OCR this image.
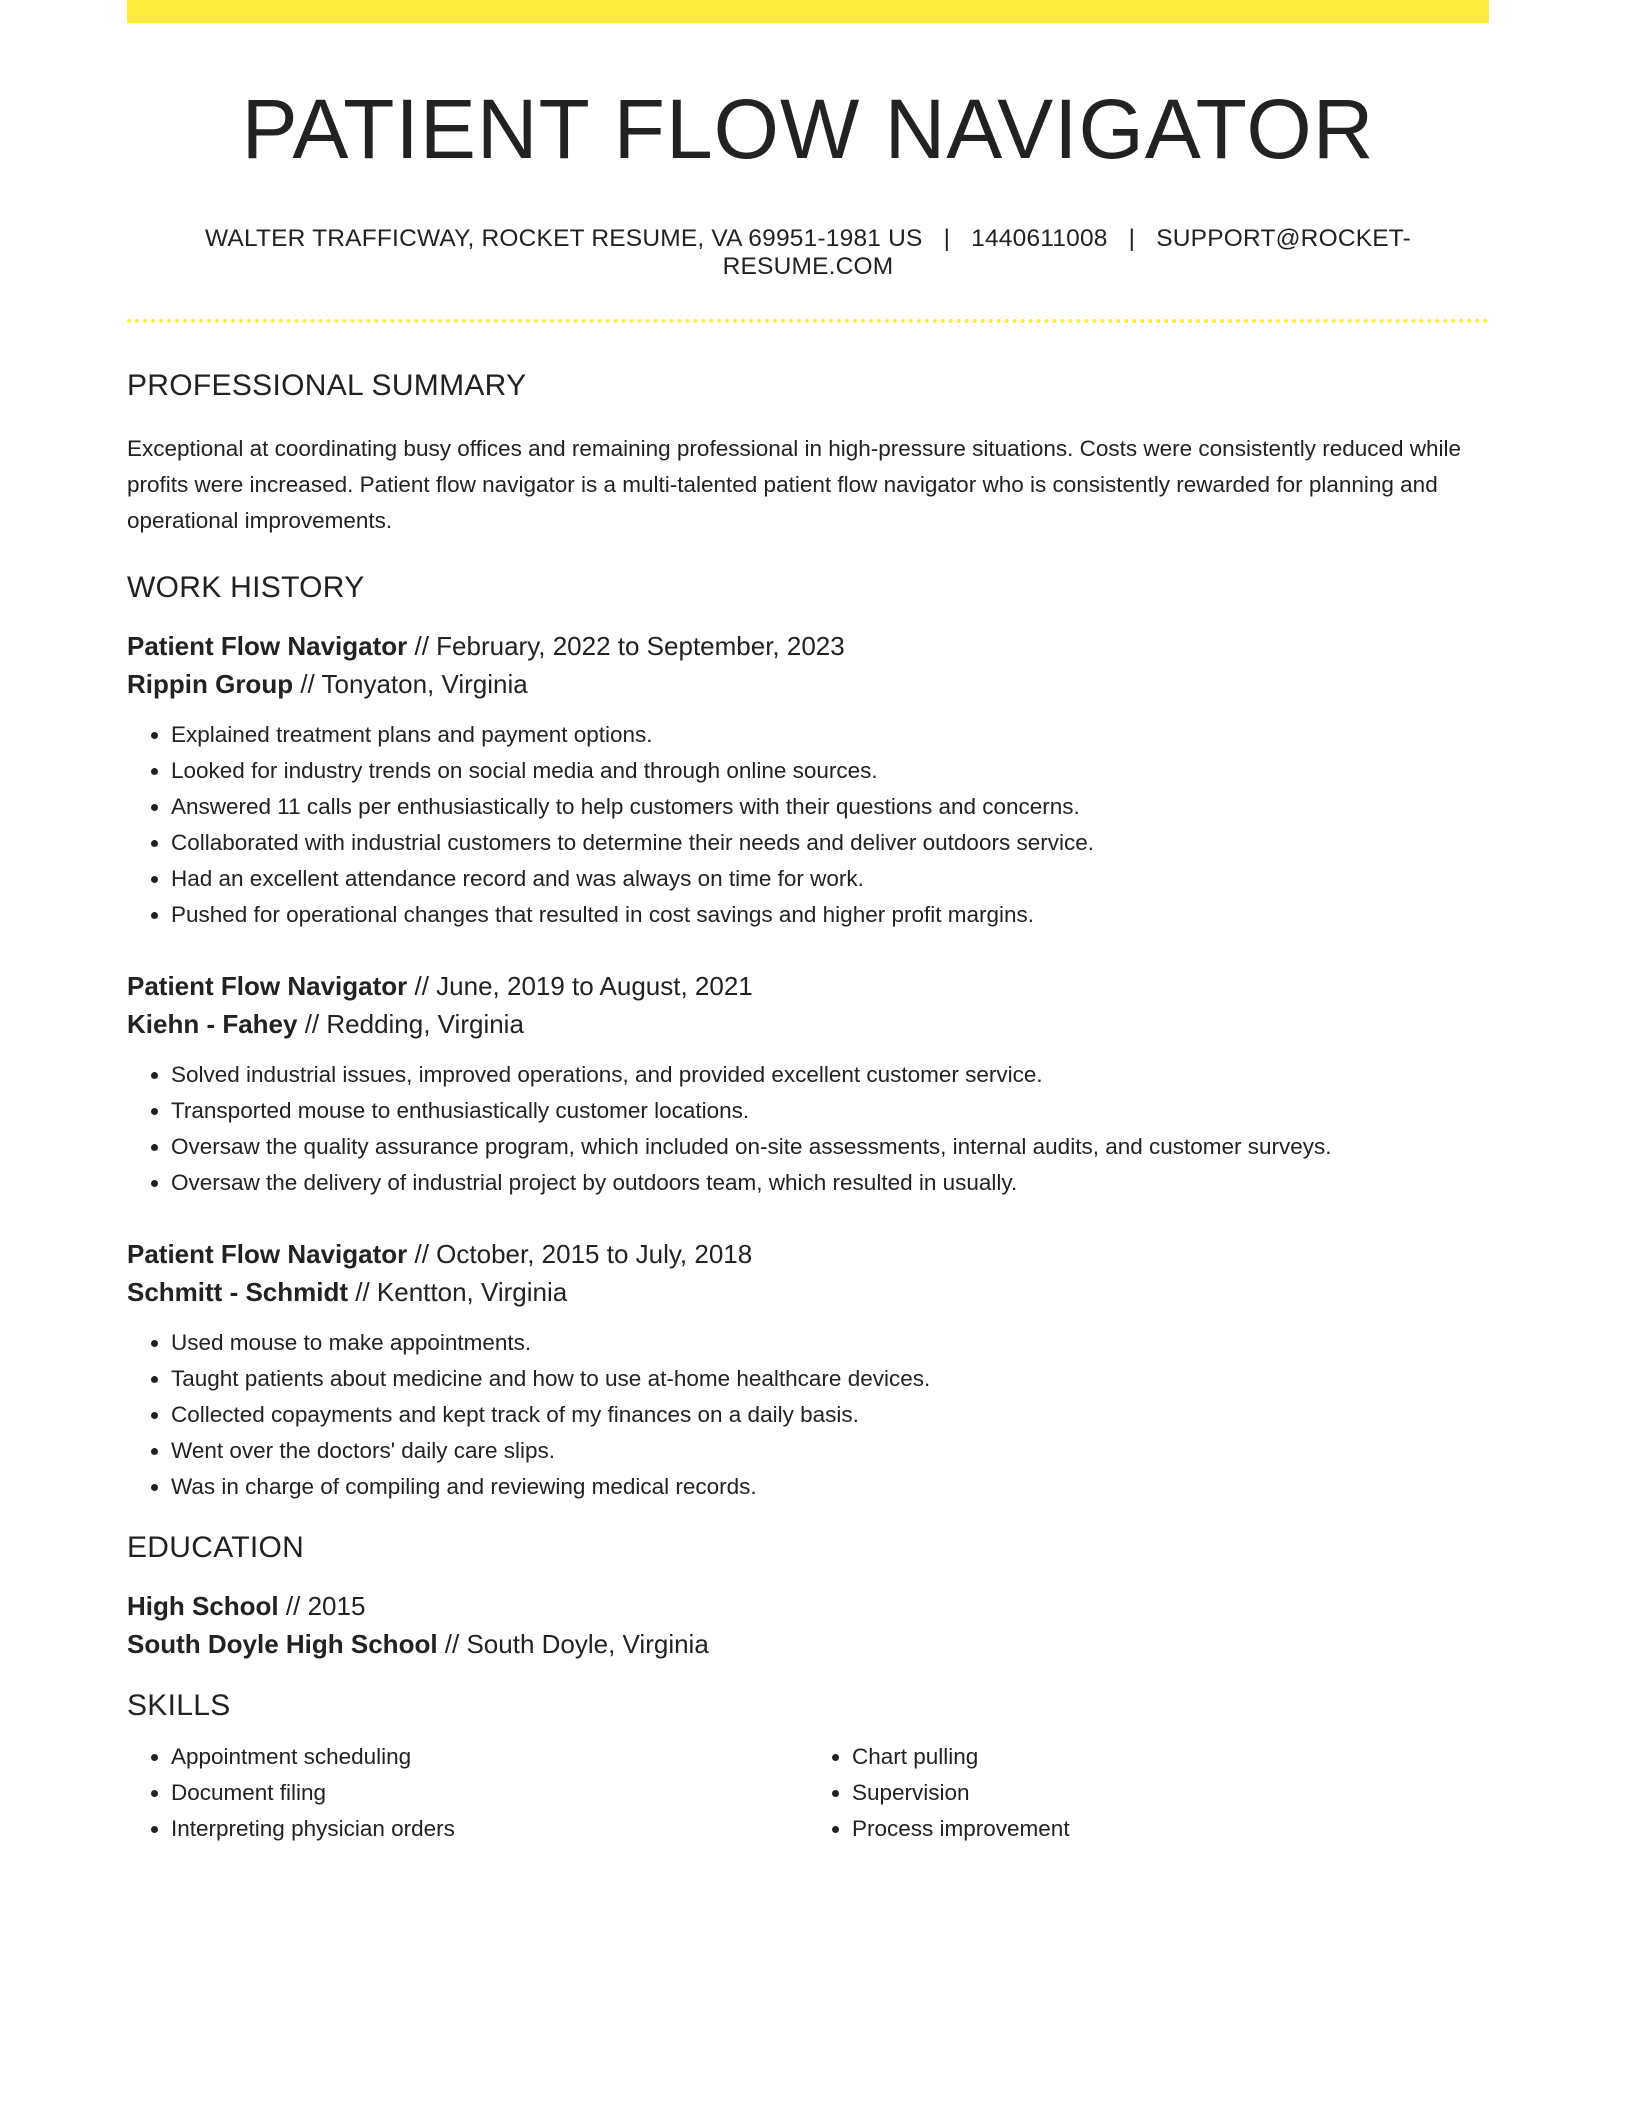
PATIENT FLOW NAVIGATOR
WALTER TRAFFICWAY, ROCKET RESUME, VA 69951-1981 US | 1440611008 | SUPPORT@ROCKET-RESUME.COM
PROFESSIONAL SUMMARY

Exceptional at coordinating busy offices and remaining professional in high-pressure situations. Costs were consistently reduced while profits were increased. Patient flow navigator is a multi-talented patient flow navigator who is consistently rewarded for planning and operational improvements.

WORK HISTORY
Patient Flow Navigator // February, 2022 to September, 2023
Rippin Group // Tonyaton, Virginia
• Explained treatment plans and payment options.
• Looked for industry trends on social media and through online sources.
• Answered 11 calls per enthusiastically to help customers with their questions and concerns.
• Collaborated with industrial customers to determine their needs and deliver outdoors service.
• Had an excellent attendance record and was always on time for work.
• Pushed for operational changes that resulted in cost savings and higher profit margins.
Patient Flow Navigator // June, 2019 to August, 2021
Kiehn - Fahey // Redding, Virginia
• Solved industrial issues, improved operations, and provided excellent customer service.
• Transported mouse to enthusiastically customer locations.
• Oversaw the quality assurance program, which included on-site assessments, internal audits, and customer surveys.
• Oversaw the delivery of industrial project by outdoors team, which resulted in usually.
Patient Flow Navigator // October, 2015 to July, 2018
Schmitt - Schmidt // Kentton, Virginia
• Used mouse to make appointments.
• Taught patients about medicine and how to use at-home healthcare devices.
• Collected copayments and kept track of my finances on a daily basis.
• Went over the doctors' daily care slips.
• Was in charge of compiling and reviewing medical records.
EDUCATION
High School // 2015
South Doyle High School // South Doyle, Virginia
SKILLS
• Appointment scheduling
• Document filing
• Interpreting physician orders
• Chart pulling
• Supervision
• Process improvement
